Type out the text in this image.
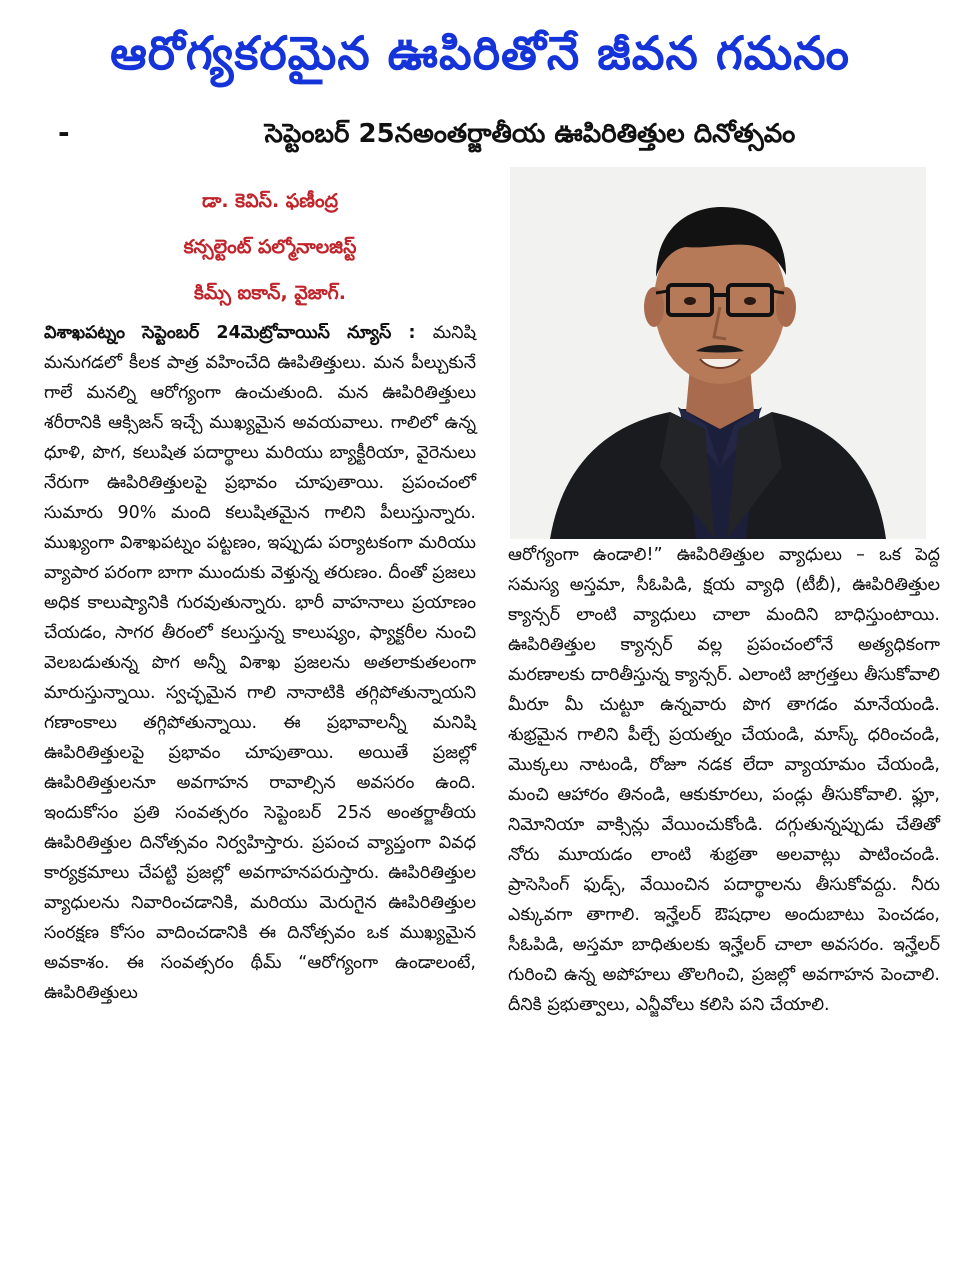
ఆరోగ్యకరమైన ఊపిరితోనే జీవన గమనం
-	సెప్టెంబర్ 25నఅంతర్జాతీయ ఊపిరితిత్తుల దినోత్సవం
డా. కెవిస్. ఫణీంద్ర
కన్సల్టెంట్ పల్మోనాలజిస్ట్
కిమ్స్ ఐకాన్, వైజాగ్.
విశాఖపట్నం సెప్టెంబర్ 24మెట్రోవాయిస్ న్యూస్ : మనిషి మనుగడలో కీలక పాత్ర వహించేది ఊపితిత్తులు. మన పీల్చుకునే గాలే మనల్ని ఆరోగ్యంగా ఉంచుతుంది. మన ఊపిరితిత్తులు శరీరానికి ఆక్సిజన్ ఇచ్చే ముఖ్యమైన అవయవాలు. గాలిలో ఉన్న ధూళి, పొగ, కలుషిత పదార్థాలు మరియు బ్యాక్టీరియా, వైరెనులు నేరుగా ఊపిరితిత్తులపై ప్రభావం చూపుతాయి. ప్రపంచంలో సుమారు 90% మంది కలుషితమైన గాలిని పీలుస్తున్నారు. ముఖ్యంగా విశాఖపట్నం పట్టణం, ఇప్పుడు పర్యాటకంగా మరియు వ్యాపార పరంగా బాగా ముందుకు వెళ్తున్న తరుణం. దీంతో ప్రజలు అధిక కాలుష్యానికి గురవుతున్నారు. భారీ వాహనాలు ప్రయాణం చేయడం, సాగర తీరంలో కలుస్తున్న కాలుష్యం, ఫ్యాక్టరీల నుంచి వెలబడుతున్న పొగ అన్నీ విశాఖ ప్రజలను అతలాకుతలంగా మారుస్తున్నాయి. స్వచ్ఛమైన గాలి నానాటికి తగ్గిపోతున్నాయని గణాంకాలు తగ్గిపోతున్నాయి. ఈ ప్రభావాలన్నీ మనిషి ఊపిరితిత్తులపై ప్రభావం చూపుతాయి. అయితే ప్రజల్లో ఊపిరితిత్తులనూ అవగాహన రావాల్సిన అవసరం ఉంది. ఇందుకోసం ప్రతి సంవత్సరం సెప్టెంబర్ 25న అంతర్జాతీయ ఊపిరితిత్తుల దినోత్సవం నిర్వహిస్తారు. ప్రపంచ వ్యాప్తంగా వివధ కార్యక్రమాలు చేపట్టి ప్రజల్లో అవగాహనపరుస్తారు. ఊపిరితిత్తుల వ్యాధులను నివారించడానికి, మరియు మెరుగైన ఊపిరితిత్తుల సంరక్షణ కోసం వాదించడానికి ఈ దినోత్సవం ఒక ముఖ్యమైన అవకాశం. ఈ సంవత్సరం థీమ్ “ఆరోగ్యంగా ఉండాలంటే, ఊపిరితిత్తులు
ఆరోగ్యంగా ఉండాలి!” ఊపిరితిత్తుల వ్యాధులు – ఒక పెద్ద సమస్య అస్తమా, సీఓపిడి, క్షయ వ్యాధి (టీబీ), ఊపిరితిత్తుల క్యాన్సర్ లాంటి వ్యాధులు చాలా మందిని బాధిస్తుంటాయి. ఊపిరితిత్తుల క్యాన్సర్ వల్ల ప్రపంచంలోనే అత్యధికంగా మరణాలకు దారితీస్తున్న క్యాన్సర్. ఎలాంటి జాగ్రత్తలు తీసుకోవాలి మీరూ మీ చుట్టూ ఉన్నవారు పొగ తాగడం మానేయండి. శుభ్రమైన గాలిని పీల్చే ప్రయత్నం చేయండి, మాస్క్ ధరించండి, మొక్కలు నాటండి, రోజూ నడక లేదా వ్యాయామం చేయండి, మంచి ఆహారం తినండి, ఆకుకూరలు, పండ్లు తీసుకోవాలి. ఫ్లూ, నిమోనియా వాక్సిన్లు వేయించుకోండి. దగ్గుతున్నప్పుడు చేతితో నోరు మూయడం లాంటి శుభ్రతా అలవాట్లు పాటించండి. ప్రాసెసింగ్ ఫుడ్స్, వేయించిన పదార్థాలను తీసుకోవద్దు. నీరు ఎక్కువగా తాగాలి. ఇన్హేలర్ ఔషధాల అందుబాటు పెంచడం, సీఓపిడి, అస్తమా బాధితులకు ఇన్హేలర్ చాలా అవసరం. ఇన్హేలర్ గురించి ఉన్న అపోహలు తొలగించి, ప్రజల్లో అవగాహన పెంచాలి. దీనికి ప్రభుత్వాలు, ఎన్జీవోలు కలిసి పని చేయాలి.
